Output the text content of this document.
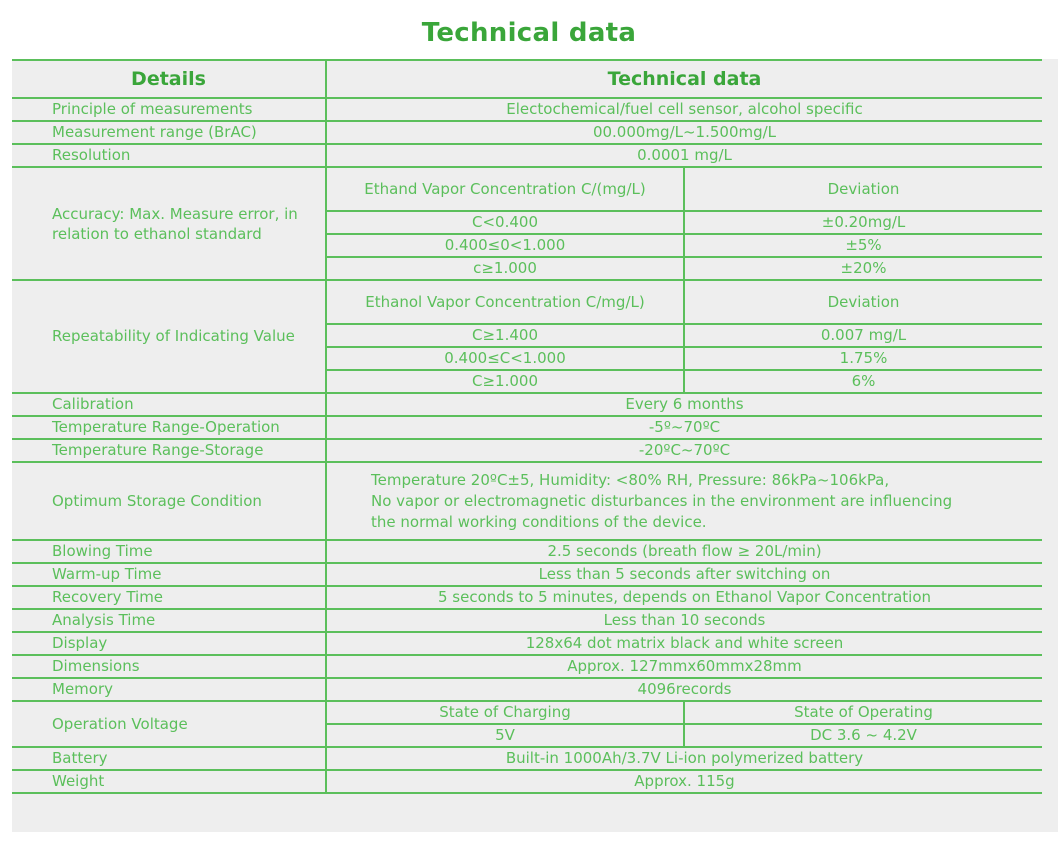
Technical data
Details	Technical data	
Principle of measurements	Electochemical/fuel cell sensor, alcohol specific	
Measurement range (BrAC)	00.000mg/L~1.500mg/L	
Resolution	0.0001 mg/L	
Accuracy: Max. Measure error, in relation to ethanol standard	Ethand Vapor Concentration C/(mg/L)	Deviation
	C<0.400	±0.20mg/L
	0.400≤0<1.000	±5%
	c≥1.000	±20%
Repeatability of Indicating Value	Ethanol Vapor Concentration C/mg/L)	Deviation
	C≥1.400	0.007 mg/L
	0.400≤C<1.000	1.75%
	C≥1.000	6%
Calibration	Every 6 months	
Temperature Range-Operation	-5º~70ºC	
Temperature Range-Storage	-20ºC~70ºC	
Optimum Storage Condition	Temperature 20ºC±5, Humidity: <80% RH, Pressure: 86kPa~106kPa,
No vapor or electromagnetic disturbances in the environment are influencing
the normal working conditions of the device.	

Blowing Time	2.5 seconds (breath flow ≥ 20L/min)	
Warm-up Time	Less than 5 seconds after switching on	
Recovery Time	5 seconds to 5 minutes, depends on Ethanol Vapor Concentration	
Analysis Time	Less than 10 seconds	
Display	128x64 dot matrix black and white screen	
Dimensions	Approx. 127mmx60mmx28mm	
Memory	4096records	
Operation Voltage	State of Charging	State of Operating
	5V	DC 3.6 ~ 4.2V
Battery	Built-in 1000Ah/3.7V Li-ion polymerized battery	
Weight	Approx. 115g	
